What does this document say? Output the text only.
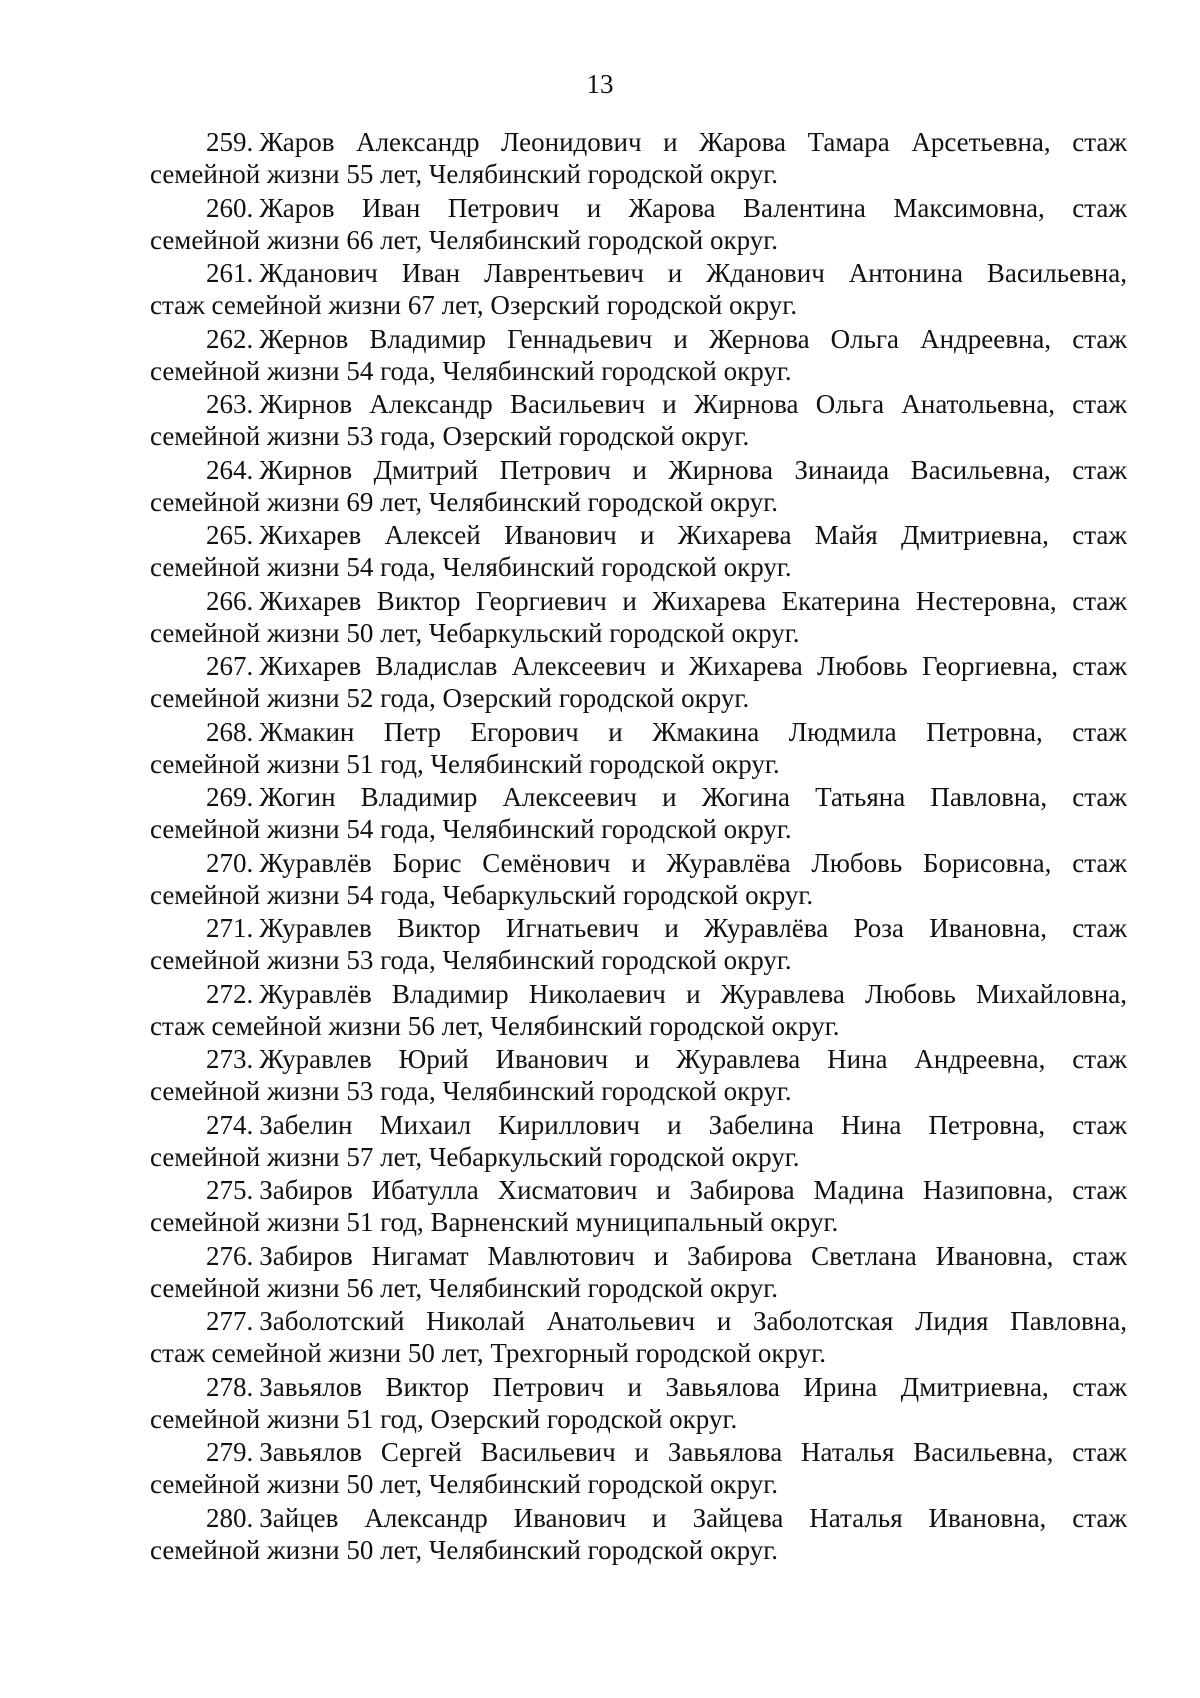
13
259. Жаров Александр Леонидович и Жарова Тамара Арсетьевна, стаж
семейной жизни 55 лет, Челябинский городской округ.
260. Жаров Иван Петрович и Жарова Валентина Максимовна, стаж
семейной жизни 66 лет, Челябинский городской округ.
261. Жданович Иван Лаврентьевич и Жданович Антонина Васильевна,
стаж семейной жизни 67 лет, Озерский городской округ.
262. Жернов Владимир Геннадьевич и Жернова Ольга Андреевна, стаж
семейной жизни 54 года, Челябинский городской округ.
263. Жирнов Александр Васильевич и Жирнова Ольга Анатольевна, стаж
семейной жизни 53 года, Озерский городской округ.
264. Жирнов Дмитрий Петрович и Жирнова Зинаида Васильевна, стаж
семейной жизни 69 лет, Челябинский городской округ.
265. Жихарев Алексей Иванович и Жихарева Майя Дмитриевна, стаж
семейной жизни 54 года, Челябинский городской округ.
266. Жихарев Виктор Георгиевич и Жихарева Екатерина Нестеровна, стаж
семейной жизни 50 лет, Чебаркульский городской округ.
267. Жихарев Владислав Алексеевич и Жихарева Любовь Георгиевна, стаж
семейной жизни 52 года, Озерский городской округ.
268. Жмакин Петр Егорович и Жмакина Людмила Петровна, стаж
семейной жизни 51 год, Челябинский городской округ.
269. Жогин Владимир Алексеевич и Жогина Татьяна Павловна, стаж
семейной жизни 54 года, Челябинский городской округ.
270. Журавлёв Борис Семёнович и Журавлёва Любовь Борисовна, стаж
семейной жизни 54 года, Чебаркульский городской округ.
271. Журавлев Виктор Игнатьевич и Журавлёва Роза Ивановна, стаж
семейной жизни 53 года, Челябинский городской округ.
272. Журавлёв Владимир Николаевич и Журавлева Любовь Михайловна,
стаж семейной жизни 56 лет, Челябинский городской округ.
273. Журавлев Юрий Иванович и Журавлева Нина Андреевна, стаж
семейной жизни 53 года, Челябинский городской округ.
274. Забелин Михаил Кириллович и Забелина Нина Петровна, стаж
семейной жизни 57 лет, Чебаркульский городской округ.
275. Забиров Ибатулла Хисматович и Забирова Мадина Назиповна, стаж
семейной жизни 51 год, Варненский муниципальный округ.
276. Забиров Нигамат Мавлютович и Забирова Светлана Ивановна, стаж
семейной жизни 56 лет, Челябинский городской округ.
277. Заболотский Николай Анатольевич и Заболотская Лидия Павловна,
стаж семейной жизни 50 лет, Трехгорный городской округ.
278. Завьялов Виктор Петрович и Завьялова Ирина Дмитриевна, стаж
семейной жизни 51 год, Озерский городской округ.
279. Завьялов Сергей Васильевич и Завьялова Наталья Васильевна, стаж
семейной жизни 50 лет, Челябинский городской округ.
280. Зайцев Александр Иванович и Зайцева Наталья Ивановна, стаж
семейной жизни 50 лет, Челябинский городской округ.
